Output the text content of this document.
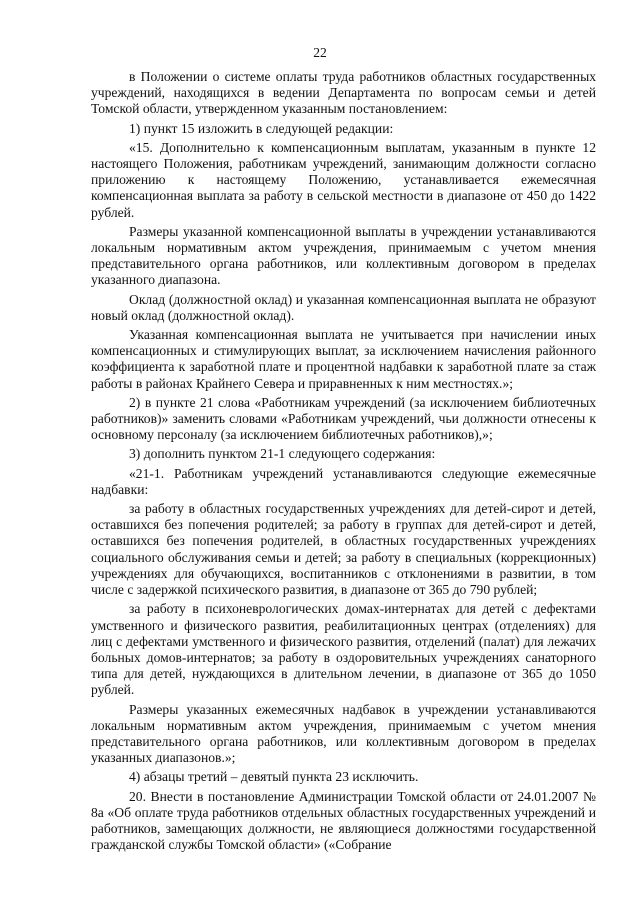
22

в Положении о системе оплаты труда работников областных государственных учреждений, находящихся в ведении Департамента по вопросам семьи и детей Томской области, утвержденном указанным постановлением:

1) пункт 15 изложить в следующей редакции:

«15. Дополнительно к компенсационным выплатам, указанным в пункте 12 настоящего Положения, работникам учреждений, занимающим должности согласно приложению к настоящему Положению, устанавливается ежемесячная компенсационная выплата за работу в сельской местности в диапазоне от 450 до 1422 рублей.

Размеры указанной компенсационной выплаты в учреждении устанавливаются локальным нормативным актом учреждения, принимаемым с учетом мнения представительного органа работников, или коллективным договором в пределах указанного диапазона.

Оклад (должностной оклад) и указанная компенсационная выплата не образуют новый оклад (должностной оклад).

Указанная компенсационная выплата не учитывается при начислении иных компенсационных и стимулирующих выплат, за исключением начисления районного коэффициента к заработной плате и процентной надбавки к заработной плате за стаж работы в районах Крайнего Севера и приравненных к ним местностях.»;

2) в пункте 21 слова «Работникам учреждений (за исключением библиотечных работников)» заменить словами «Работникам учреждений, чьи должности отнесены к основному персоналу (за исключением библиотечных работников),»;

3) дополнить пунктом 21-1 следующего содержания:

«21-1. Работникам учреждений устанавливаются следующие ежемесячные надбавки:

за работу в областных государственных учреждениях для детей-сирот и детей, оставшихся без попечения родителей; за работу в группах для детей-сирот и детей, оставшихся без попечения родителей, в областных государственных учреждениях социального обслуживания семьи и детей; за работу в специальных (коррекционных) учреждениях для обучающихся, воспитанников с отклонениями в развитии, в том числе с задержкой психического развития, в диапазоне от 365 до 790 рублей;

за работу в психоневрологических домах-интернатах для детей с дефектами умственного и физического развития, реабилитационных центрах (отделениях) для лиц с дефектами умственного и физического развития, отделений (палат) для лежачих больных домов-интернатов; за работу в оздоровительных учреждениях санаторного типа для детей, нуждающихся в длительном лечении, в диапазоне от 365 до 1050 рублей.

Размеры указанных ежемесячных надбавок в учреждении устанавливаются локальным нормативным актом учреждения, принимаемым с учетом мнения представительного органа работников, или коллективным договором в пределах указанных диапазонов.»;

4) абзацы третий – девятый пункта 23 исключить.

20. Внести в постановление Администрации Томской области от 24.01.2007 № 8а «Об оплате труда работников отдельных областных государственных учреждений и работников, замещающих должности, не являющиеся должностями государственной гражданской службы Томской области» («Собрание
